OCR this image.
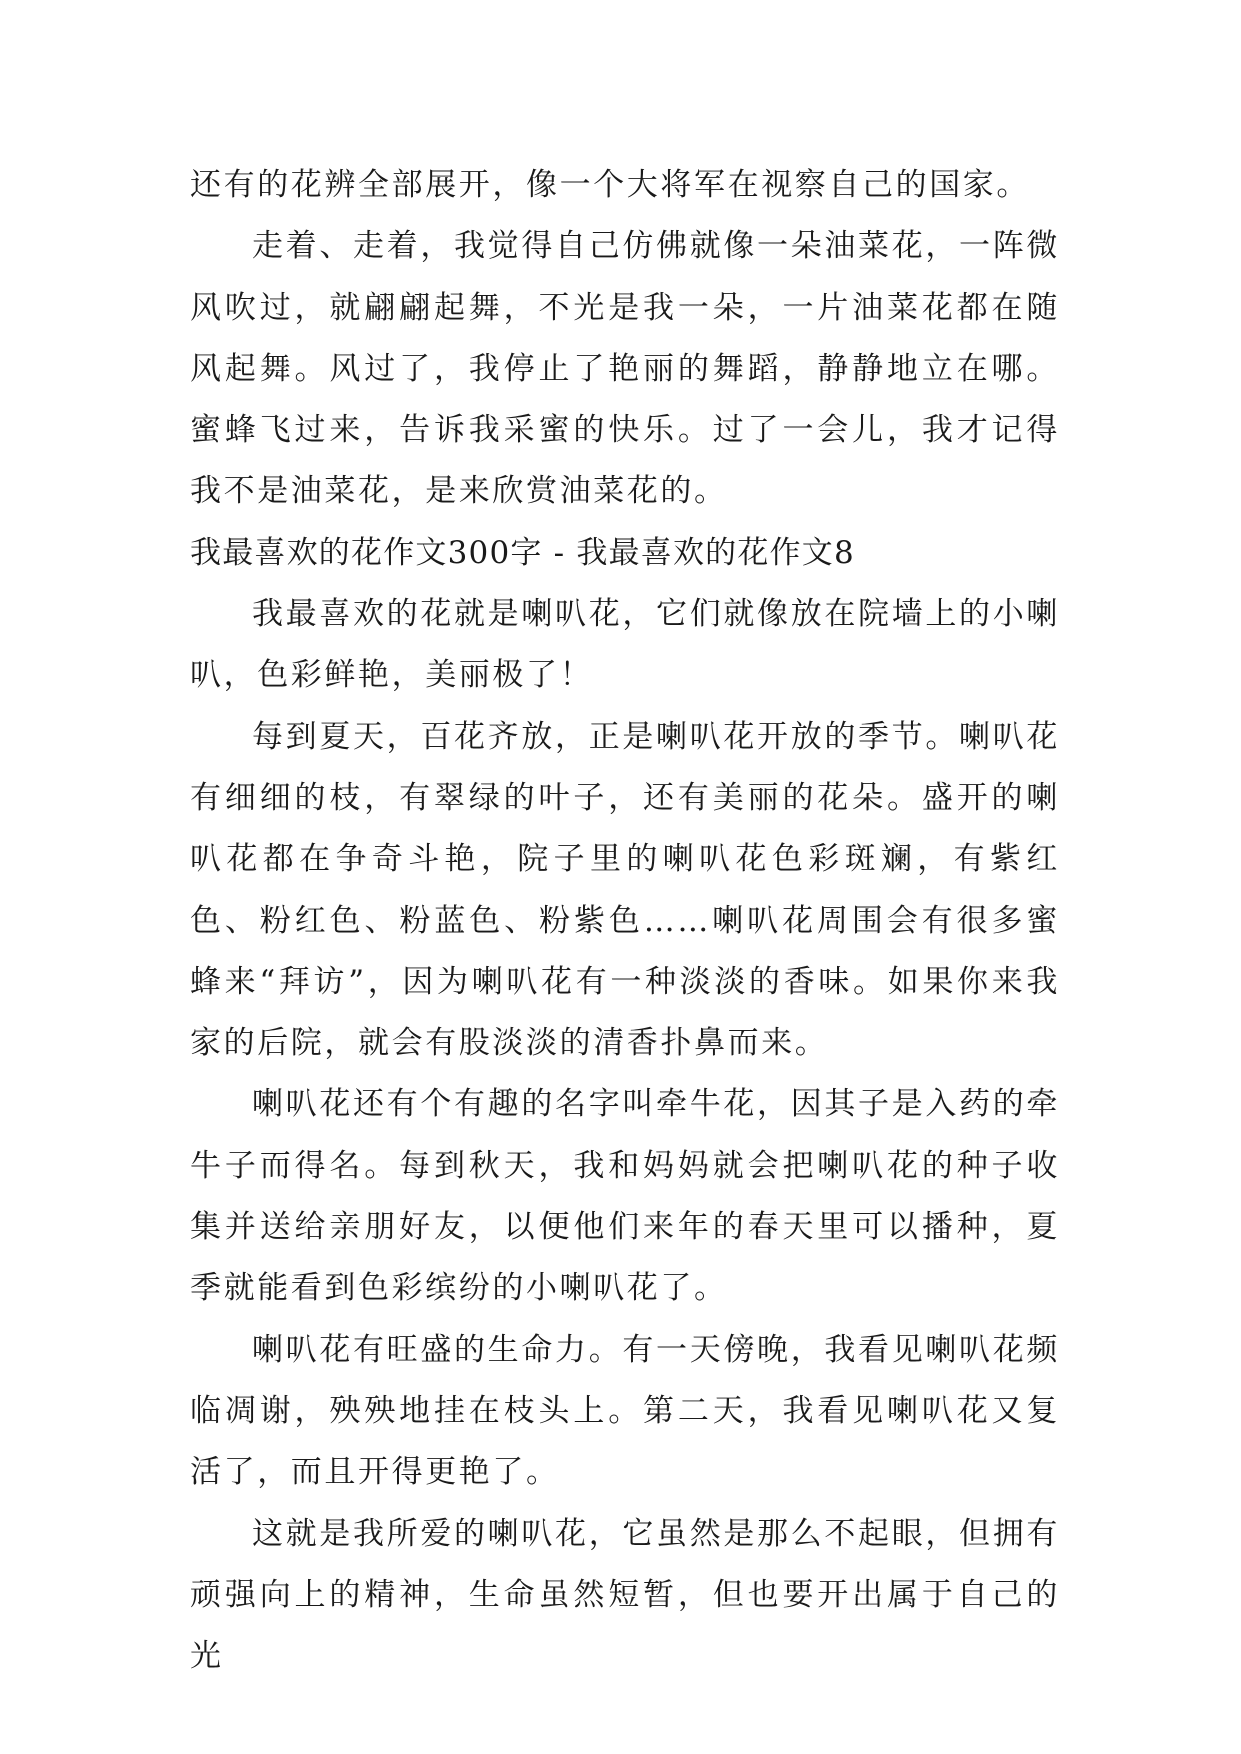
还有的花辨全部展开，像一个大将军在视察自己的国家。

走着、走着，我觉得自己仿佛就像一朵油菜花，一阵微风吹过，就翩翩起舞，不光是我一朵，一片油菜花都在随风起舞。风过了，我停止了艳丽的舞蹈，静静地立在哪。蜜蜂飞过来，告诉我采蜜的快乐。过了一会儿，我才记得我不是油菜花，是来欣赏油菜花的。

我最喜欢的花作文300字 - 我最喜欢的花作文8

我最喜欢的花就是喇叭花，它们就像放在院墙上的小喇叭，色彩鲜艳，美丽极了！

每到夏天，百花齐放，正是喇叭花开放的季节。喇叭花有细细的枝，有翠绿的叶子，还有美丽的花朵。盛开的喇叭花都在争奇斗艳，院子里的喇叭花色彩斑斓，有紫红色、粉红色、粉蓝色、粉紫色……喇叭花周围会有很多蜜蜂来“拜访”，因为喇叭花有一种淡淡的香味。如果你来我家的后院，就会有股淡淡的清香扑鼻而来。

喇叭花还有个有趣的名字叫牵牛花，因其子是入药的牵牛子而得名。每到秋天，我和妈妈就会把喇叭花的种子收集并送给亲朋好友，以便他们来年的春天里可以播种，夏季就能看到色彩缤纷的小喇叭花了。

喇叭花有旺盛的生命力。有一天傍晚，我看见喇叭花频临凋谢，殃殃地挂在枝头上。第二天，我看见喇叭花又复活了，而且开得更艳了。

这就是我所爱的喇叭花，它虽然是那么不起眼，但拥有顽强向上的精神，生命虽然短暂，但也要开出属于自己的光
